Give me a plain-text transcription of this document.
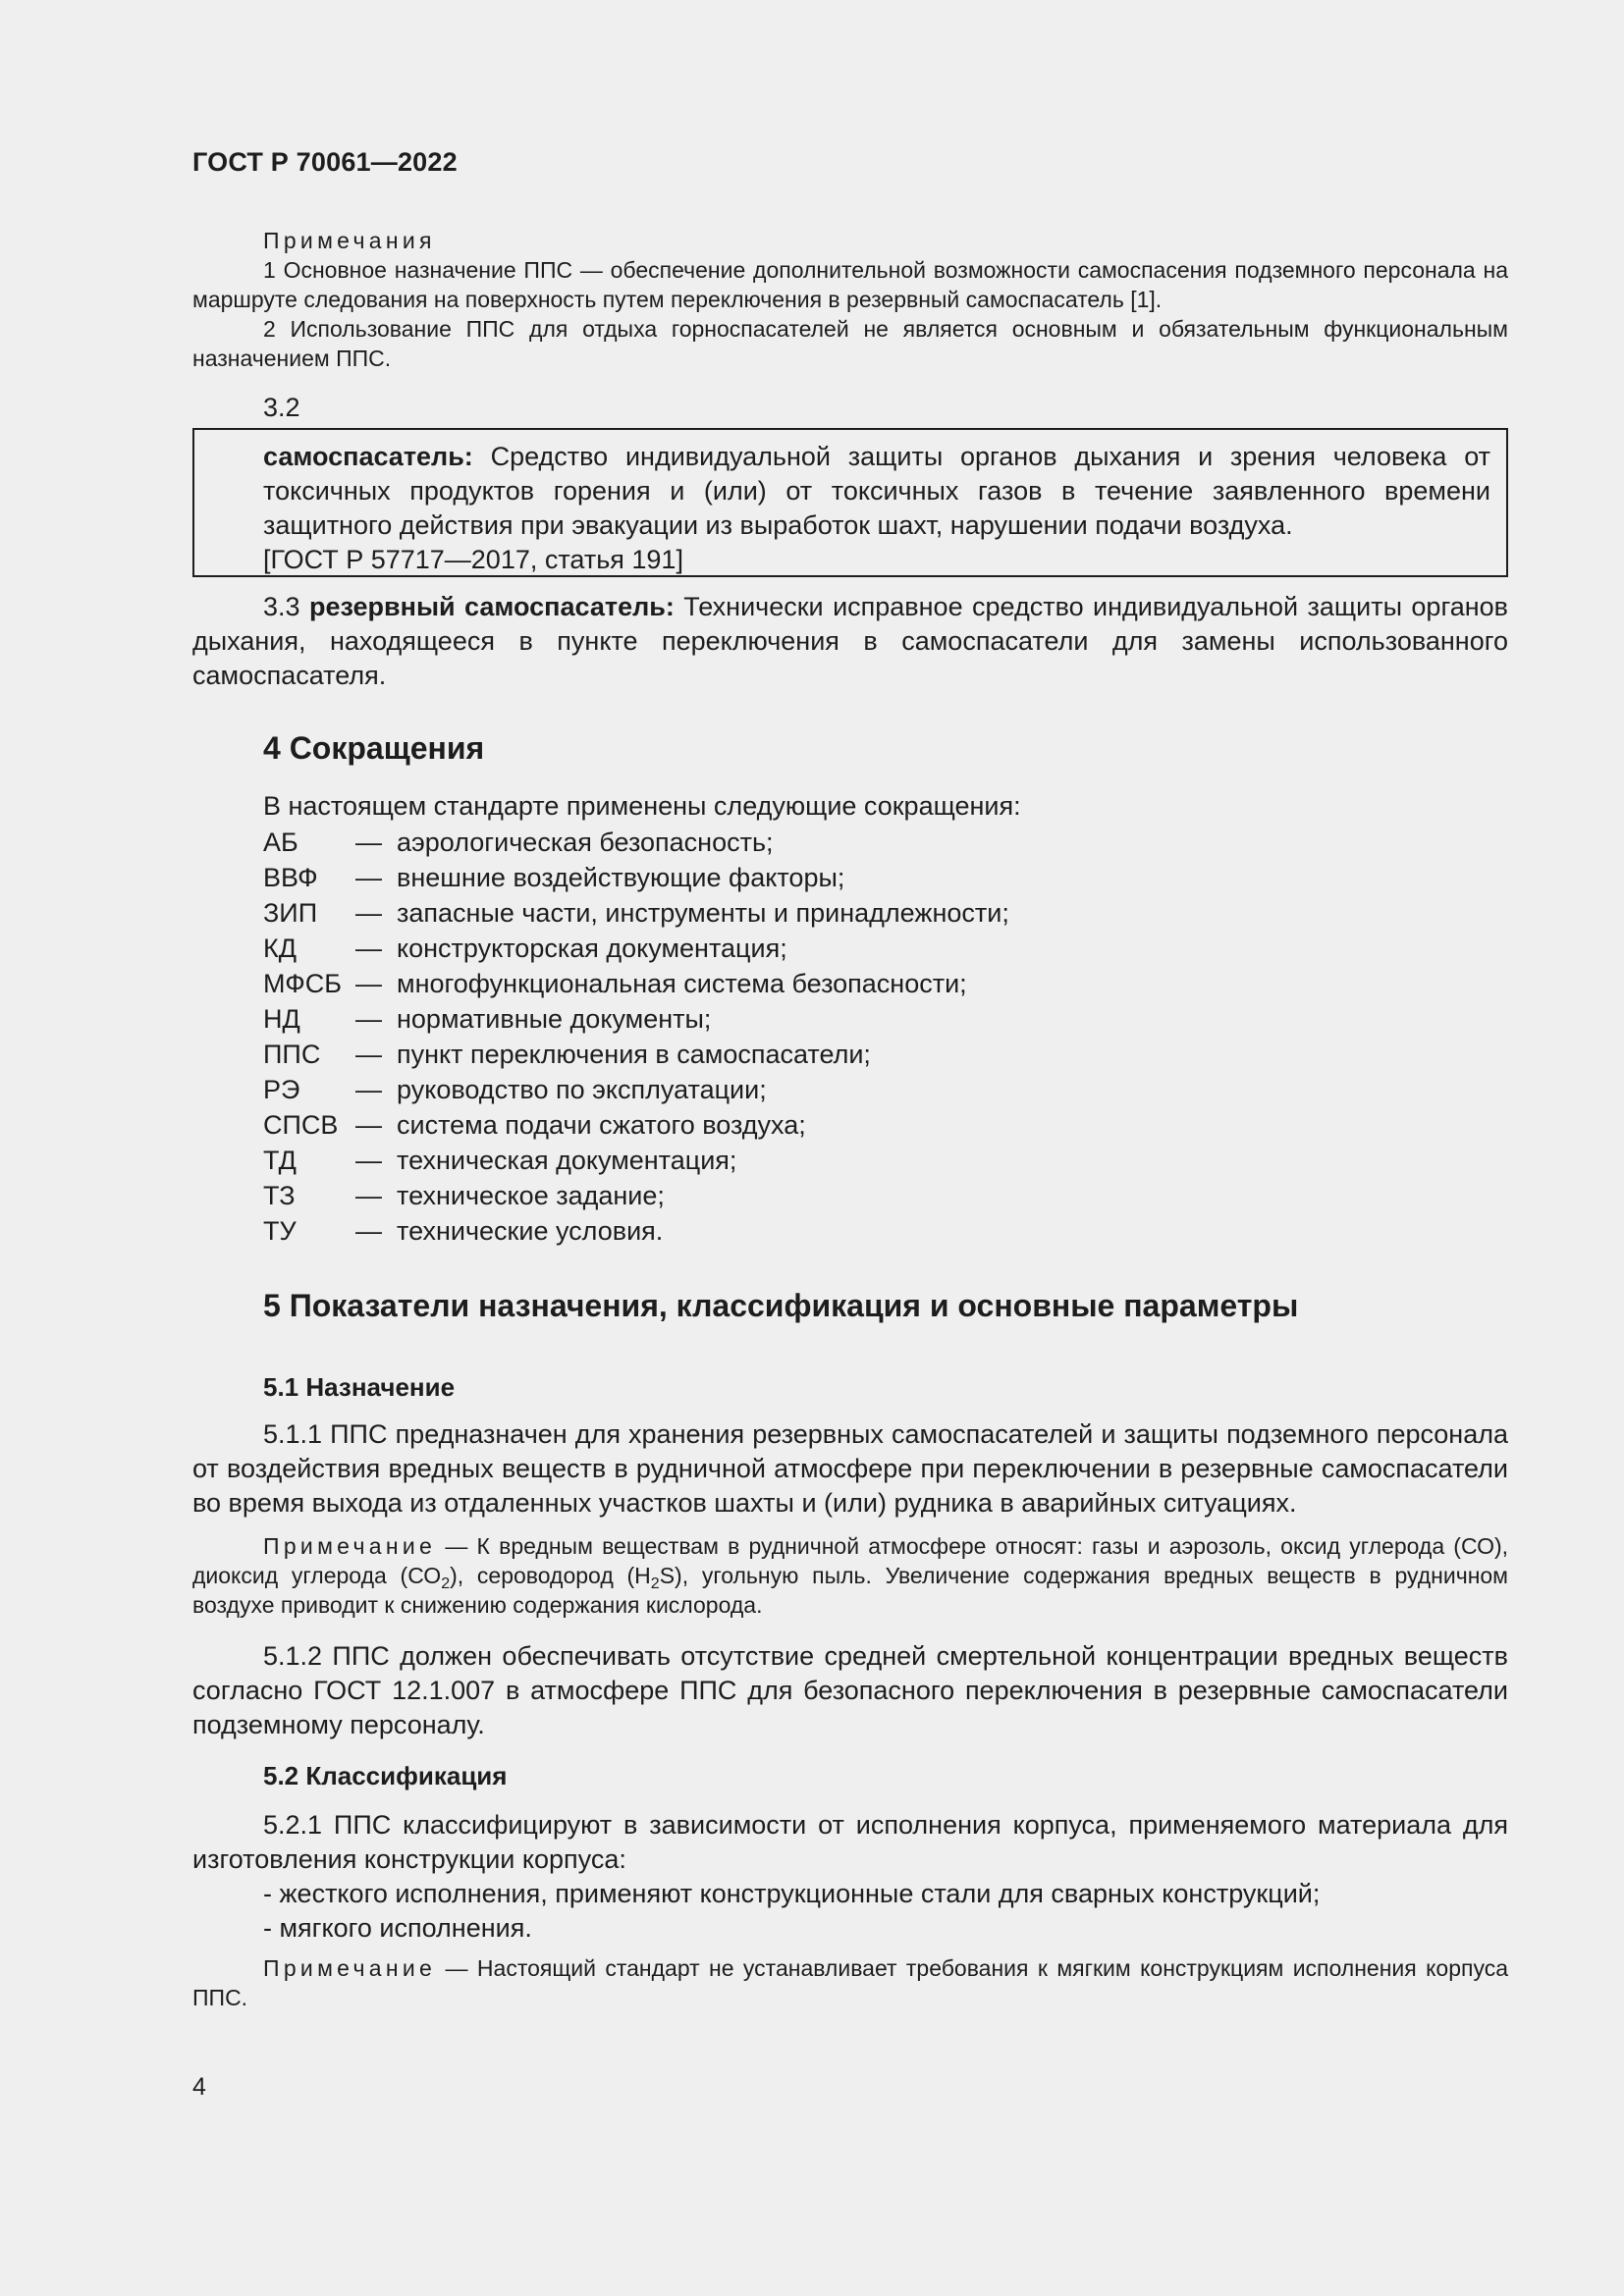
ГОСТ Р 70061—2022

Примечания

1 Основное назначение ППС — обеспечение дополнительной возможности самоспасения подземного персонала на маршруте следования на поверхность путем переключения в резервный самоспасатель [1].

2 Использование ППС для отдыха горноспасателей не является основным и обязательным функциональным назначением ППС.

3.2

самоспасатель: Средство индивидуальной защиты органов дыхания и зрения человека от токсичных продуктов горения и (или) от токсичных газов в течение заявленного времени защитного действия при эвакуации из выработок шахт, нарушении подачи воздуха.

[ГОСТ Р 57717—2017, статья 191]

3.3 резервный самоспасатель: Технически исправное средство индивидуальной защиты органов дыхания, находящееся в пункте переключения в самоспасатели для замены использованного самоспасателя.

4 Сокращения
В настоящем стандарте применены следующие сокращения:
АБ — аэрологическая безопасность;
ВВФ — внешние воздействующие факторы;
ЗИП — запасные части, инструменты и принадлежности;
КД — конструкторская документация;
МФСБ — многофункциональная система безопасности;
НД — нормативные документы;
ППС — пункт переключения в самоспасатели;
РЭ — руководство по эксплуатации;
СПСВ — система подачи сжатого воздуха;
ТД — техническая документация;
ТЗ — техническое задание;
ТУ — технические условия.
5 Показатели назначения, классификация и основные параметры
5.1 Назначение

5.1.1 ППС предназначен для хранения резервных самоспасателей и защиты подземного персонала от воздействия вредных веществ в рудничной атмосфере при переключении в резервные самоспасатели во время выхода из отдаленных участков шахты и (или) рудника в аварийных ситуациях.

Примечание — К вредным веществам в рудничной атмосфере относят: газы и аэрозоль, оксид углерода (СО), диоксид углерода $(СО_2)$, сероводород $(Н_2S)$, угольную пыль. Увеличение содержания вредных веществ в рудничном воздухе приводит к снижению содержания кислорода.

5.1.2 ППС должен обеспечивать отсутствие средней смертельной концентрации вредных веществ согласно ГОСТ 12.1.007 в атмосфере ППС для безопасного переключения в резервные самоспасатели подземному персоналу.

5.2 Классификация

5.2.1 ППС классифицируют в зависимости от исполнения корпуса, применяемого материала для изготовления конструкции корпуса:

- жесткого исполнения, применяют конструкционные стали для сварных конструкций;

- мягкого исполнения.

Примечание — Настоящий стандарт не устанавливает требования к мягким конструкциям исполнения корпуса ППС.

4
